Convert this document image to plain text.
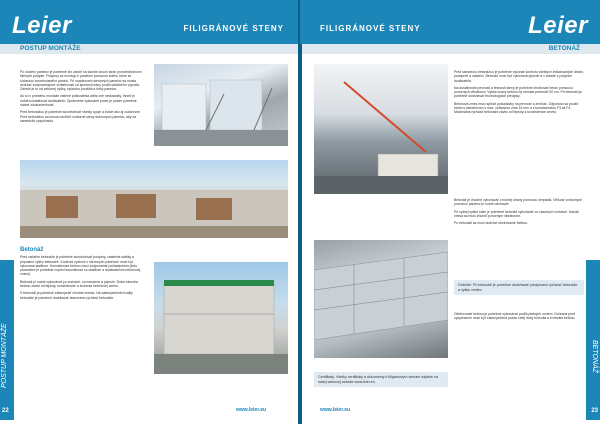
Leier	FILIGRÁNOVÉ STENY
POSTUP MONTÁŽE

Po uložení panelov je potrebné ich zaistiť na stavbe oboch strán prostredníctvom šikmých podpier. Podpery sa montujú k panelom pomocou kotiev, ktoré sú súčasťou zmontovaného panelu. Pri osadzovaní stenových panelov sa musia dodržať zodpovedajúce vzdialenosti od spodnej hrany podľa statického výpočtu. Závislé je to od celkovej výšky, spôsobu použitia a šírky panelov.

Ak sú v priebehu montáže zistené poškodenia alebo iné nedostatky, ihneď je nutné kontaktovať dodávateľa. Oprávnene vykonané práce je potom potrebné riadne zdokumentovať.

Pred betonážou je potrebné skontrolovať všetky spoje a zvisle ako aj vodorovne. Pred betonážou sa musia navlhčiť vnútorné steny dutinových panelov, aby sa zamedzilo vysychaniu.

Betonáž

Pred začatím betonáže je potrebné skontrolovať podpery, zaistenie statiky a prípustnú výšku betonáže. Kontrola výztuže v stenových paneloch musí byť vykonaná statikom. Konzistencia betónu musí zodpovedať požiadavkám (tieto parametre je potrebné vopred konzultovať so statikom a dodávateľom betónovej zmesi).

Betonáž je nutné vykonávať po vrstvách, rovnomerne a plynule. Doba tuhnutia betónu závisí od teploty, konzistencie a zloženia betónovej zmesi.

K betonáži je potrebné zabezpečiť vhodné miesto. Na zabezpečenie kvality betonáže je potrebné dodržiavať stanovenú rýchlosť betonáže.

POSTUP MONTÁŽE
22	www.leier.eu
FILIGRÁNOVÉ STENY	Leier
BETONÁŽ

Pred samotnou betonážou je potrebné vykonať kontrolu všetkých inštalovaných dielov, podopretí a zaistení. Betonáž musí byť vykonaná plynule a v súlade s pokynmi dodávateľa.

Na dosiahnutie pevnosti a tesnosti steny je potrebné zhutňovať betón pomocou ponorných vibrátorov. Výška vrstvy betónu by nemala prekročiť 50 cm. Pri betonáži je potrebné dodržiavať technologické predpisy.

Betónová zmes musí spĺňať požiadavky na pevnosť a zrnitosť. Odporúča sa použiť betón s kamenivom s max. veľkosťou zrna 16 mm a s konzistenciou F3 až F4. Maximálna rýchlosť betonáže závisí od teploty a konzistencie zmesi.

Betonáž je vhodné vykonávať z bočnej strany pomocou čerpadla. Vlhkosť vnútorných povrchov panelov je nutné udržiavať.

Pri vyššej výške stien je potrebné betonáž vykonávať vo viacerých vrstvách. Každá vrstva sa musí zhutniť ponorným vibrátorom.

Po betonáži sa musí dodržať ošetrovanie betónu.

Dôležité: Pri betonáži je potrebné dodržiavať predpísanú rýchlosť betonáže a výšku vrstiev.

Ošetrovanie betónu je potrebné vykonávať podľa platných noriem. Ochrana pred vysychaním musí byť zabezpečená počas celej doby tuhnutia a tvrdnutia betónu.

Certifikáty: Všetky certifikáty a dokumenty k filigránovým stenám nájdete na našej webovej stránke www.leier.eu.
BETONÁŽ
23
www.leier.eu
